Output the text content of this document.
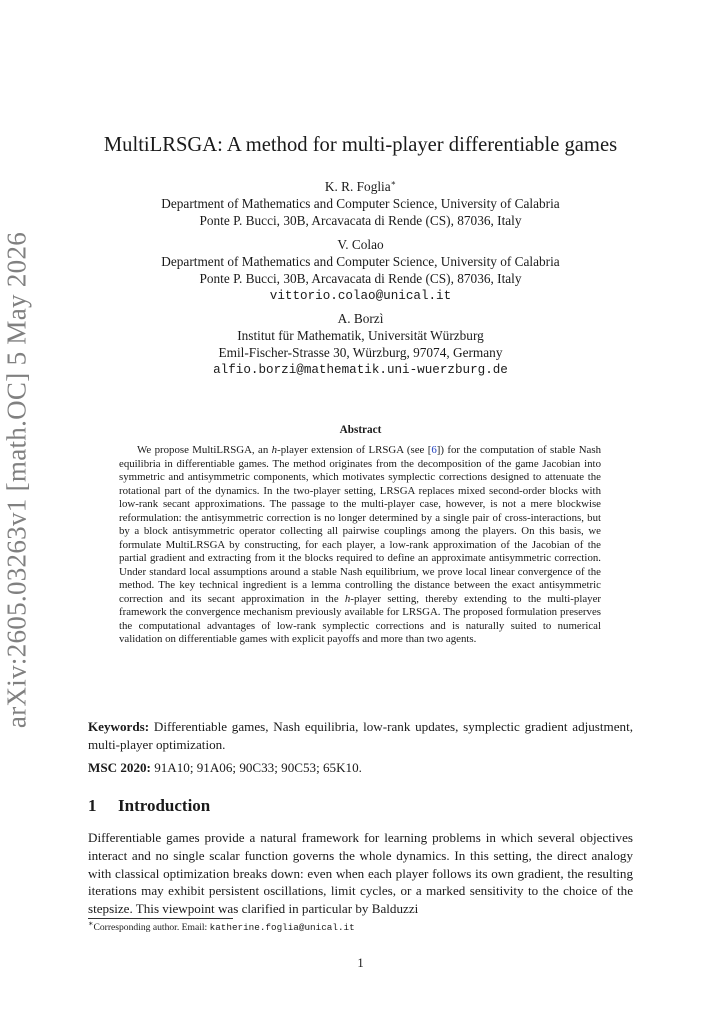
arXiv:2605.03263v1 [math.OC] 5 May 2026
MultiLRSGA: A method for multi-player differentiable games
K. R. Foglia∗
Department of Mathematics and Computer Science, University of Calabria
Ponte P. Bucci, 30B, Arcavacata di Rende (CS), 87036, Italy
V. Colao
Department of Mathematics and Computer Science, University of Calabria
Ponte P. Bucci, 30B, Arcavacata di Rende (CS), 87036, Italy
vittorio.colao@unical.it
A. Borzì
Institut für Mathematik, Universität Würzburg
Emil-Fischer-Strasse 30, Würzburg, 97074, Germany
alfio.borzi@mathematik.uni-wuerzburg.de
Abstract

We propose MultiLRSGA, an h-player extension of LRSGA (see [6]) for the computation of stable Nash equilibria in differentiable games. The method originates from the decomposition of the game Jacobian into symmetric and antisymmetric components, which motivates symplectic corrections designed to attenuate the rotational part of the dynamics. In the two-player setting, LRSGA replaces mixed second-order blocks with low-rank secant approximations. The passage to the multi-player case, however, is not a mere blockwise reformulation: the antisymmetric correction is no longer determined by a single pair of cross-interactions, but by a block antisymmetric operator collecting all pairwise couplings among the players. On this basis, we formulate MultiLRSGA by constructing, for each player, a low-rank approximation of the Jacobian of the partial gradient and extracting from it the blocks required to define an approximate antisymmetric correction. Under standard local assumptions around a stable Nash equilibrium, we prove local linear convergence of the method. The key technical ingredient is a lemma controlling the distance between the exact antisymmetric correction and its secant approximation in the h-player setting, thereby extending to the multi-player framework the convergence mechanism previously available for LRSGA. The proposed formulation preserves the computational advantages of low-rank symplectic corrections and is naturally suited to numerical validation on differentiable games with explicit payoffs and more than two agents.

Keywords: Differentiable games, Nash equilibria, low-rank updates, symplectic gradient adjustment, multi-player optimization.

MSC 2020: 91A10; 91A06; 90C33; 90C53; 65K10.

1 Introduction

Differentiable games provide a natural framework for learning problems in which several objectives interact and no single scalar function governs the whole dynamics. In this setting, the direct analogy with classical optimization breaks down: even when each player follows its own gradient, the resulting iterations may exhibit persistent oscillations, limit cycles, or a marked sensitivity to the choice of the stepsize. This viewpoint was clarified in particular by Balduzzi

∗Corresponding author. Email: katherine.foglia@unical.it
1
